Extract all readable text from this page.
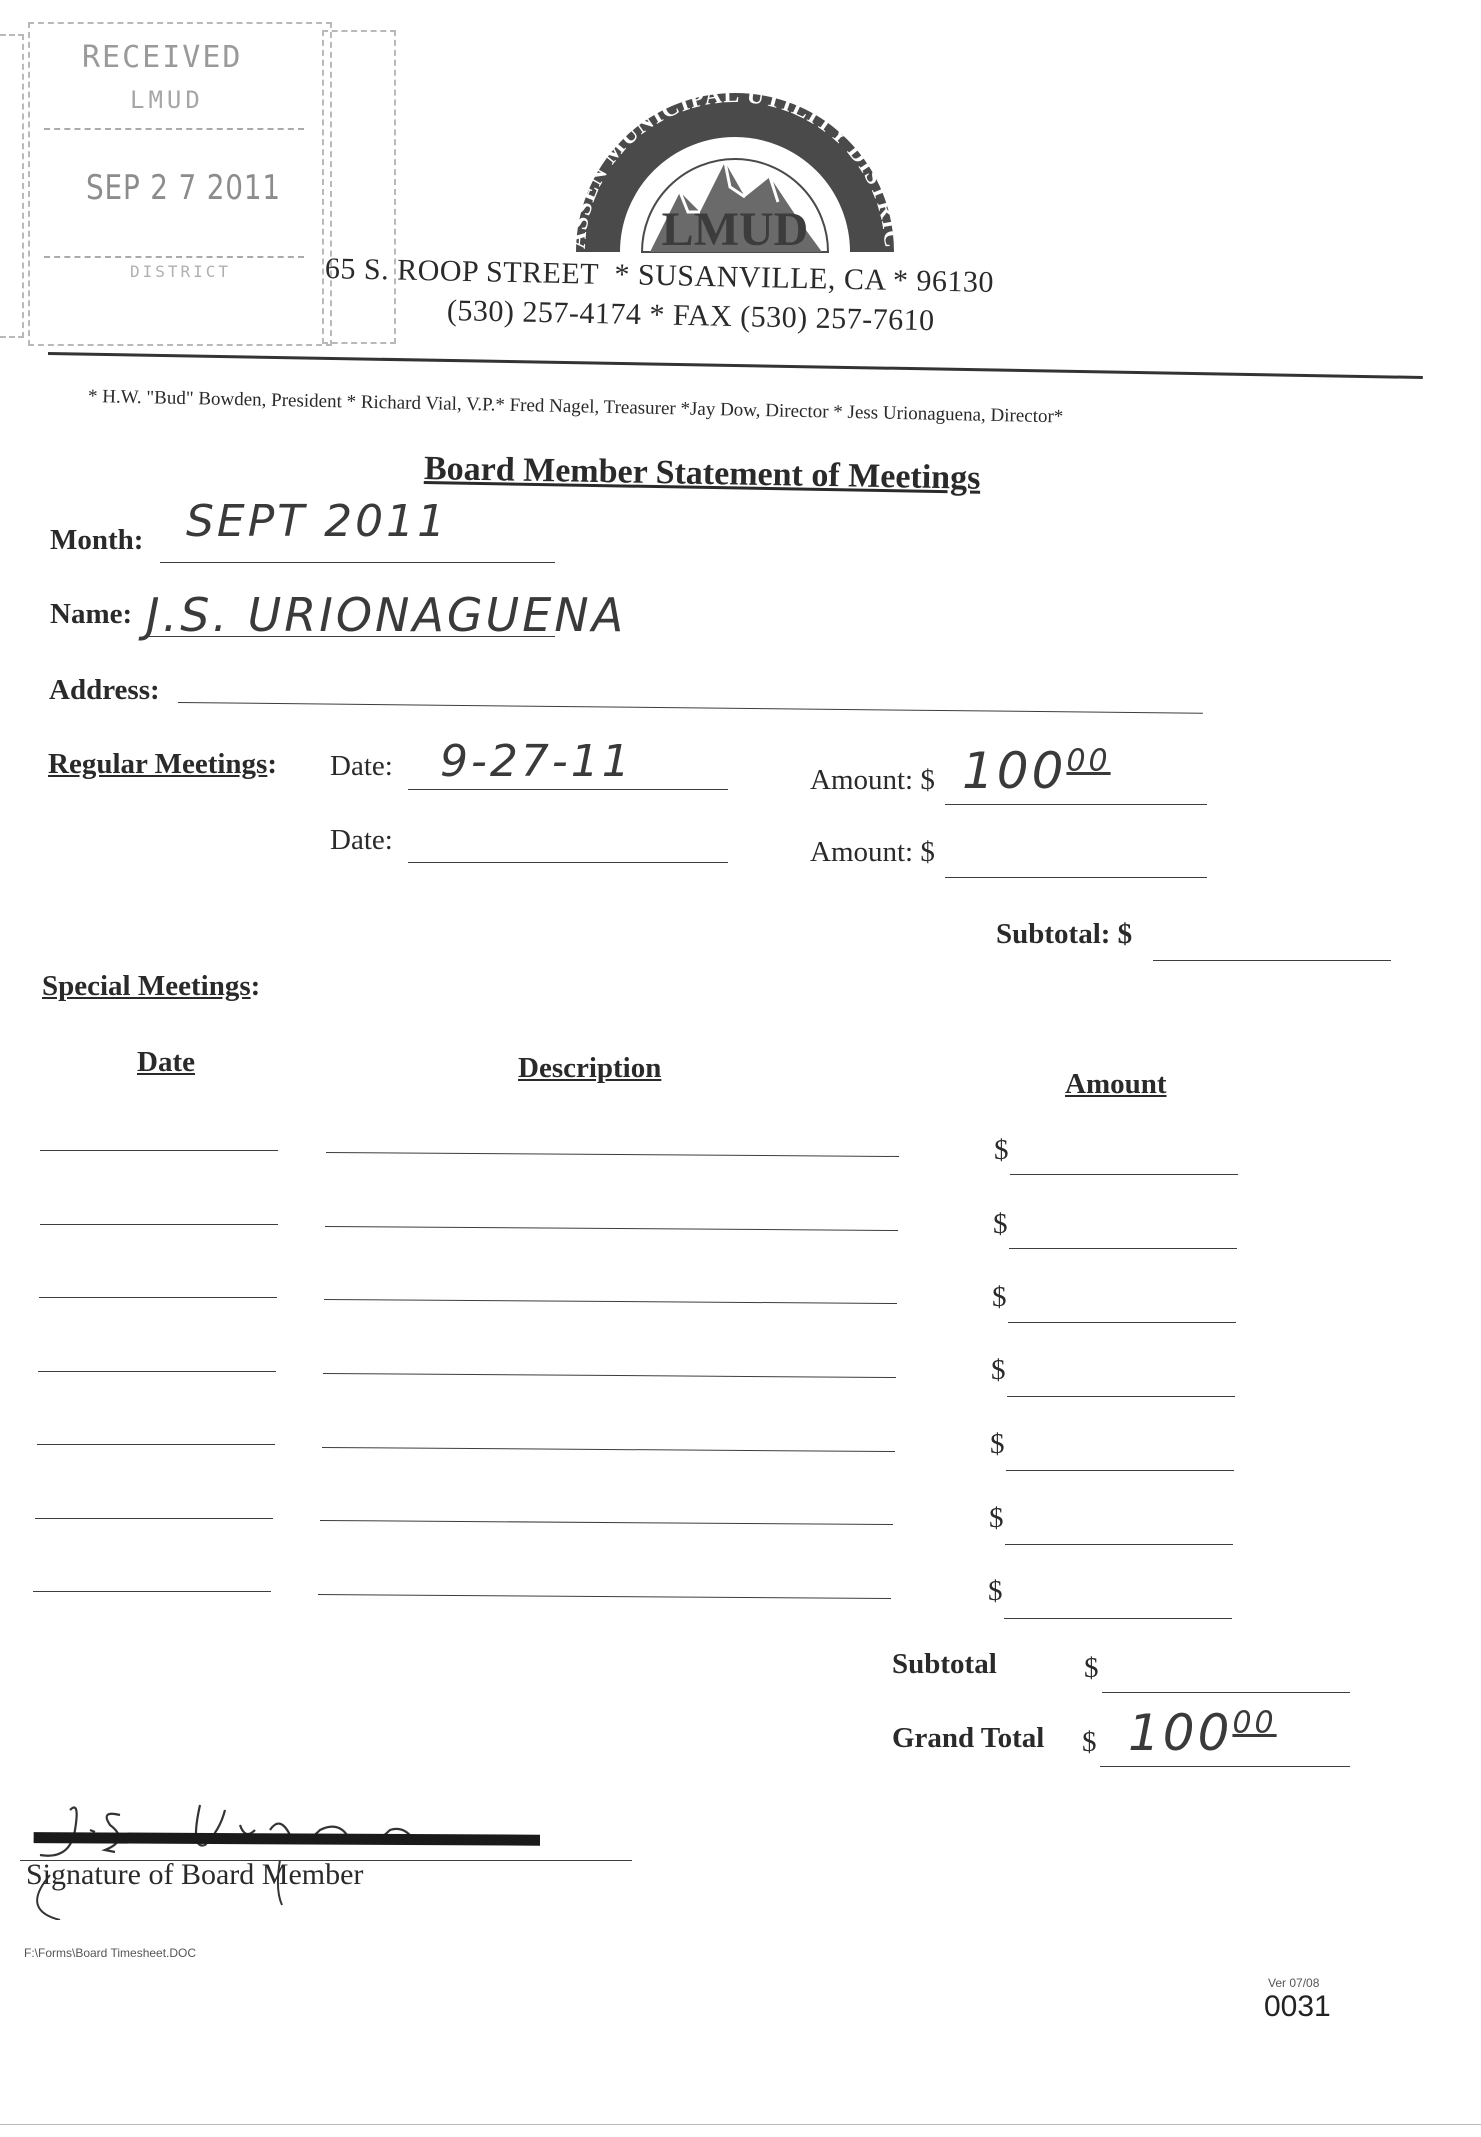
RECEIVED
LMUD
SEP 2 7 2011
DISTRICT
ASSEN MUNICIPAL UTILITY DISTRIC
LMUD
65 S. ROOP STREET  * SUSANVILLE, CA * 96130
(530) 257-4174 * FAX (530) 257-7610
* H.W. "Bud" Bowden, President * Richard Vial, V.P.* Fred Nagel, Treasurer *Jay Dow, Director * Jess Urionaguena, Director*
Board Member Statement of Meetings
Month: SEPT 2011
Name: J.S. URIONAGUENA
Address:
Regular Meetings: Date: 9-27-11	Amount: $ $100^{00}$
Date:	Amount: $
Subtotal: $
Special Meetings:
Date	Description	Amount
$
$
$
$
$
$
$
Subtotal	$
Grand Total $ $100^{00}$
Signature of Board Member
F:\Forms\Board Timesheet.DOC
Ver 07/08
0031
